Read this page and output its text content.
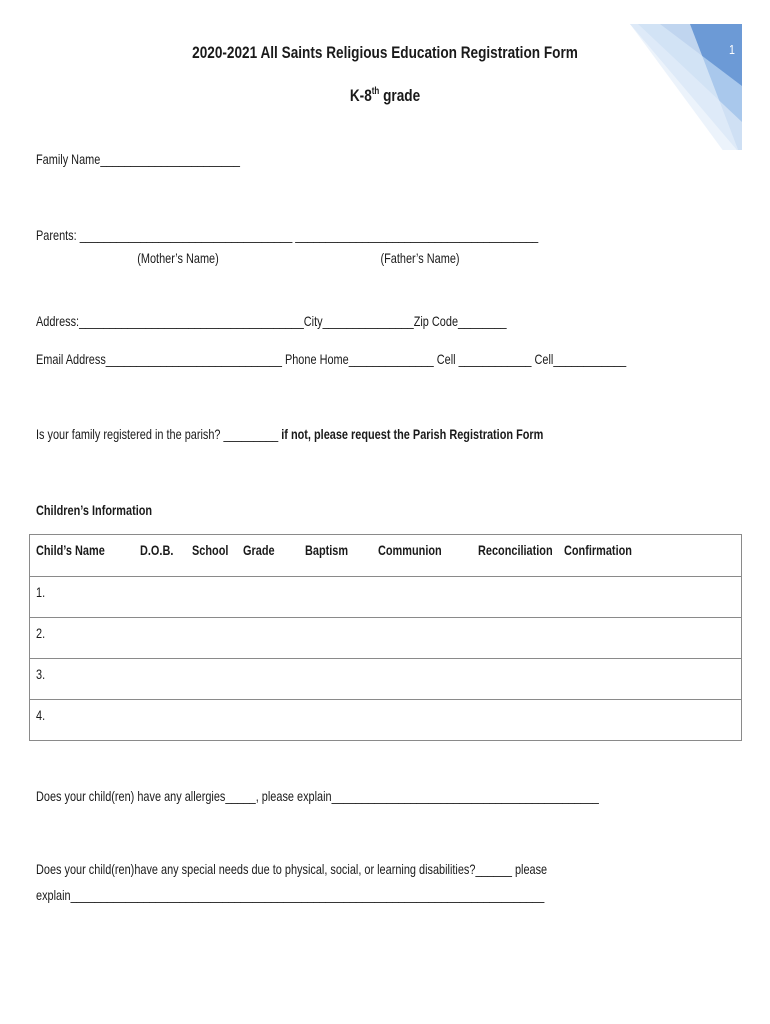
1
2020-2021 All Saints Religious Education Registration Form
K-8th grade
Family Name_______________________
Parents: ___________________________________ ________________________________________
(Mother’s Name)	(Father’s Name)
Address:_____________________________________City_______________Zip Code________
Email Address_____________________________ Phone Home______________ Cell ____________ Cell____________
Is your family registered in the parish? _________ if not, please request the Parish Registration Form
Children’s Information
Child’s Name	D.O.B. School Grade Baptism Communion	Reconciliation Confirmation

1.

2.

3.

4.
Does your child(ren) have any allergies_____, please explain____________________________________________
Does your child(ren)have any special needs due to physical, social, or learning disabilities?______ please
explain______________________________________________________________________________
